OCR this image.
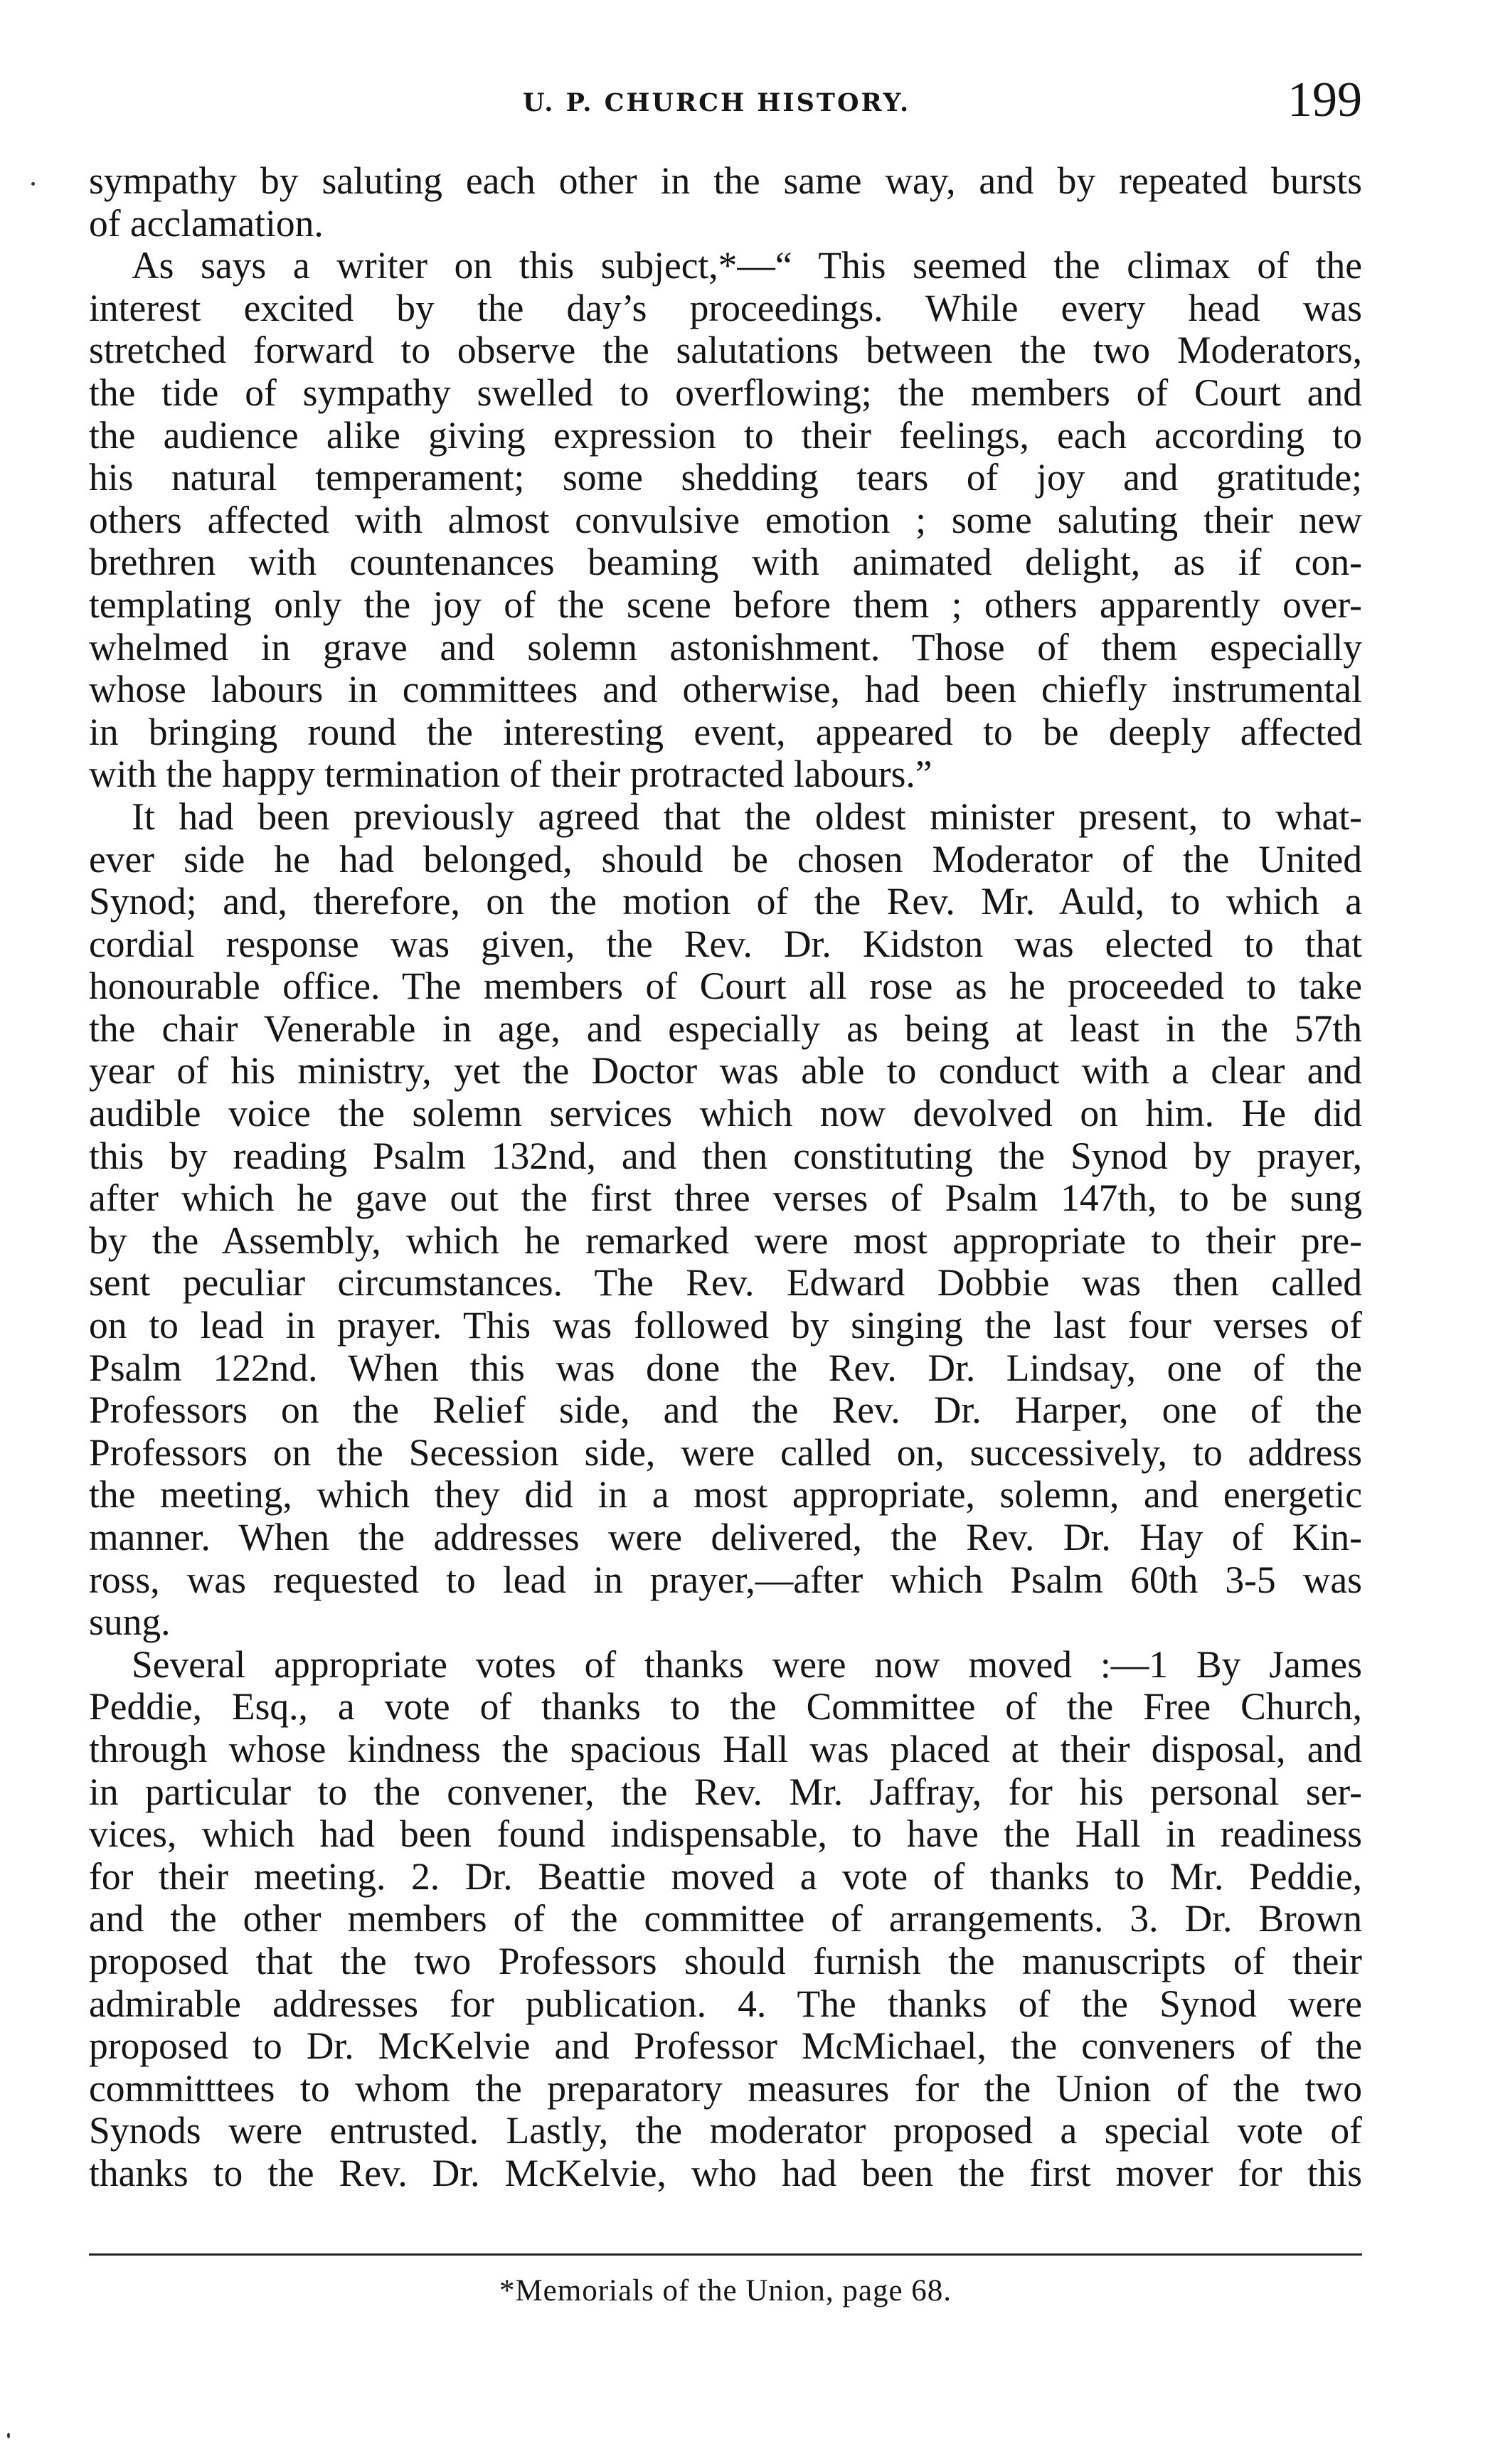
U. P. CHURCH HISTORY.	199
sympathy by saluting each other in the same way, and by repeated bursts
of acclamation.
As says a writer on this subject,*—“ This seemed the climax of the
interest excited by the day’s proceedings. While every head was
stretched forward to observe the salutations between the two Moderators,
the tide of sympathy swelled to overflowing; the members of Court and
the audience alike giving expression to their feelings, each according to
his natural temperament; some shedding tears of joy and gratitude;
others affected with almost convulsive emotion ; some saluting their new
brethren with countenances beaming with animated delight, as if con-
templating only the joy of the scene before them ; others apparently over-
whelmed in grave and solemn astonishment. Those of them especially
whose labours in committees and otherwise, had been chiefly instrumental
in bringing round the interesting event, appeared to be deeply affected
with the happy termination of their protracted labours.”
It had been previously agreed that the oldest minister present, to what-
ever side he had belonged, should be chosen Moderator of the United
Synod; and, therefore, on the motion of the Rev. Mr. Auld, to which a
cordial response was given, the Rev. Dr. Kidston was elected to that
honourable office. The members of Court all rose as he proceeded to take
the chair Venerable in age, and especially as being at least in the 57th
year of his ministry, yet the Doctor was able to conduct with a clear and
audible voice the solemn services which now devolved on him. He did
this by reading Psalm 132nd, and then constituting the Synod by prayer,
after which he gave out the first three verses of Psalm 147th, to be sung
by the Assembly, which he remarked were most appropriate to their pre-
sent peculiar circumstances. The Rev. Edward Dobbie was then called
on to lead in prayer. This was followed by singing the last four verses of
Psalm 122nd. When this was done the Rev. Dr. Lindsay, one of the
Professors on the Relief side, and the Rev. Dr. Harper, one of the
Professors on the Secession side, were called on, successively, to address
the meeting, which they did in a most appropriate, solemn, and energetic
manner. When the addresses were delivered, the Rev. Dr. Hay of Kin-
ross, was requested to lead in prayer,—after which Psalm 60th 3-5 was
sung.
Several appropriate votes of thanks were now moved :—1 By James
Peddie, Esq., a vote of thanks to the Committee of the Free Church,
through whose kindness the spacious Hall was placed at their disposal, and
in particular to the convener, the Rev. Mr. Jaffray, for his personal ser-
vices, which had been found indispensable, to have the Hall in readiness
for their meeting. 2. Dr. Beattie moved a vote of thanks to Mr. Peddie,
and the other members of the committee of arrangements. 3. Dr. Brown
proposed that the two Professors should furnish the manuscripts of their
admirable addresses for publication. 4. The thanks of the Synod were
proposed to Dr. McKelvie and Professor McMichael, the conveners of the
committtees to whom the preparatory measures for the Union of the two
Synods were entrusted. Lastly, the moderator proposed a special vote of
thanks to the Rev. Dr. McKelvie, who had been the first mover for this
*Memorials of the Union, page 68.
